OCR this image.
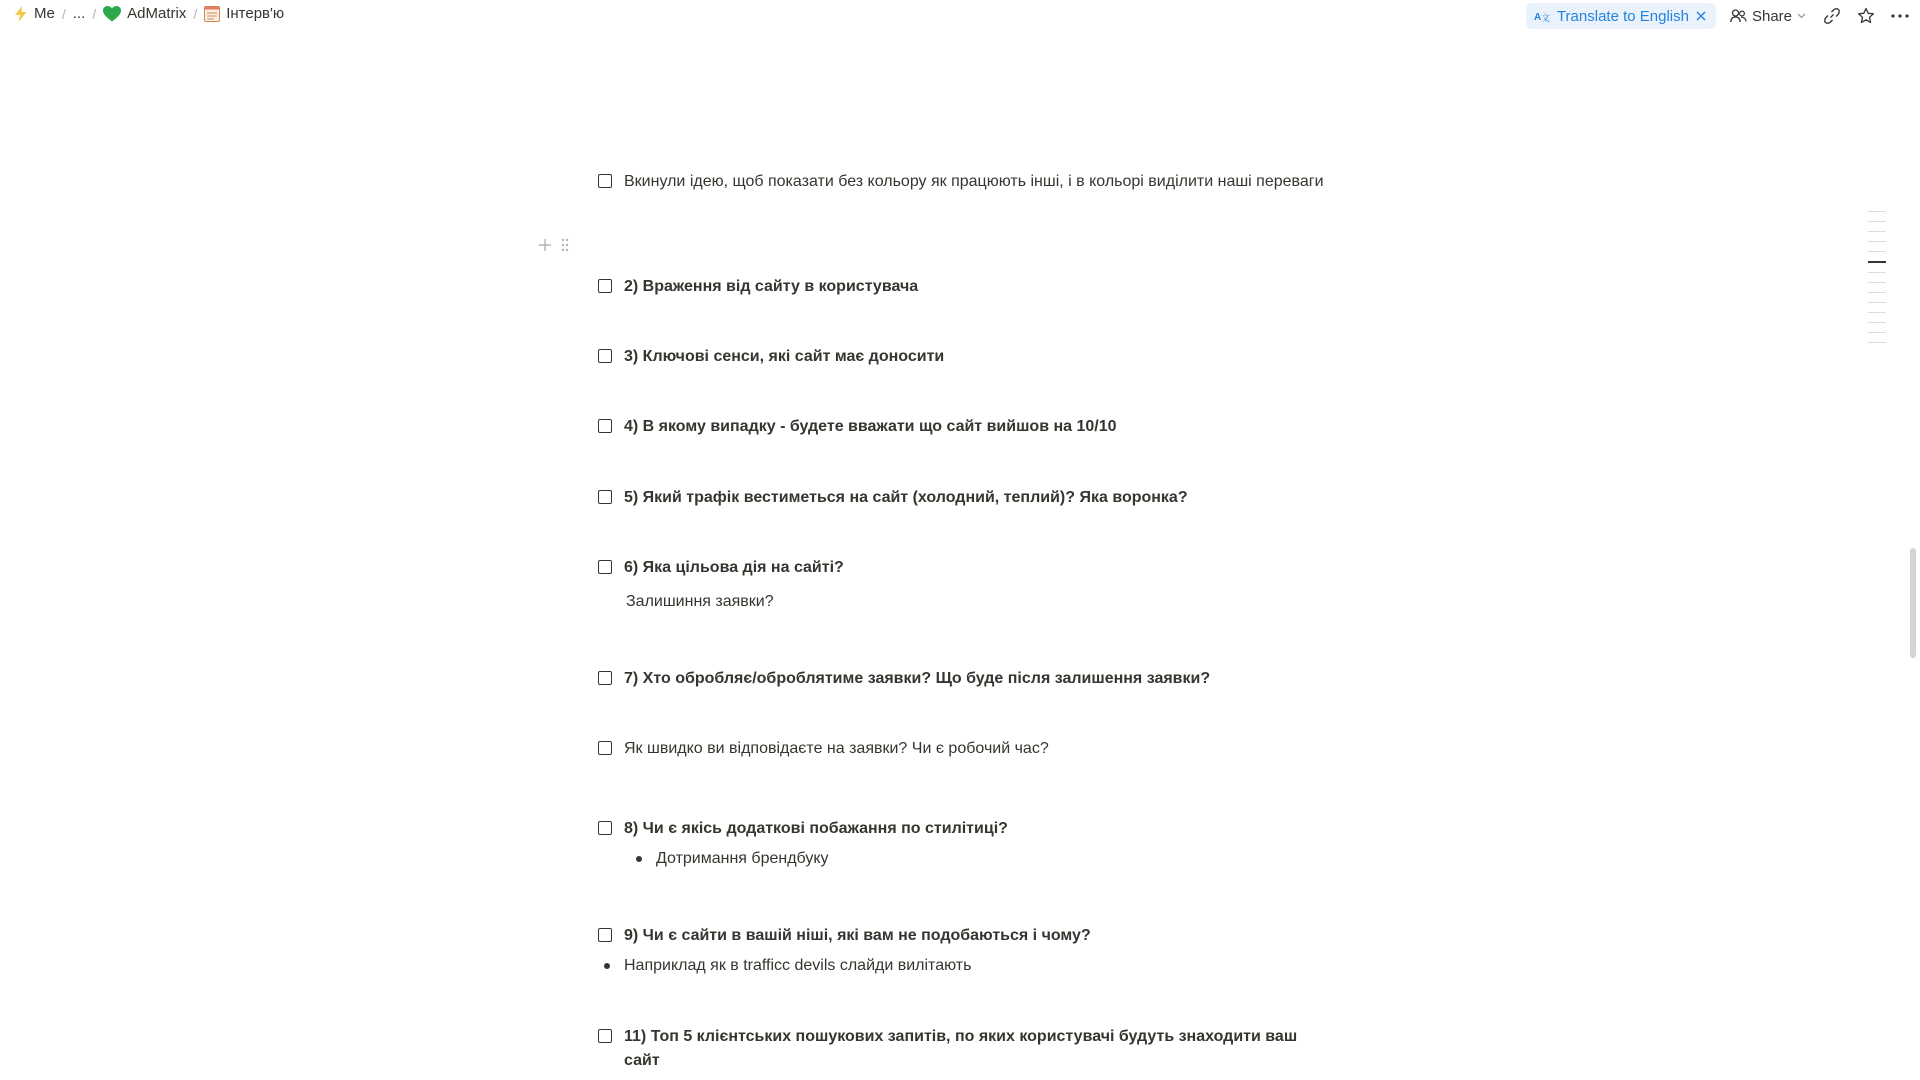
Me / ... / AdMatrix / Інтерв'ю	A 文 Translate to English	Share
Вкинули ідею, щоб показати без кольору як працюють інші, і в кольорі виділити наші переваги
2) Враження від сайту в користувача
3) Ключові сенси, які сайт має доносити
4) В якому випадку - будете вважати що сайт вийшов на 10/10
5) Який трафік вестиметься на сайт (холодний, теплий)? Яка воронка?
6) Яка цільова дія на сайті?
Залишиння заявки?
7) Хто обробляє/оброблятиме заявки? Що буде після залишення заявки?
Як швидко ви відповідаєте на заявки? Чи є робочий час?
8) Чи є якісь додаткові побажання по стилітиці?
Дотримання брендбуку
9) Чи є сайти в вашій ніші, які вам не подобаються і чому?
Наприклад як в trafficc devils слайди вилітають
11) Топ 5 клієнтських пошукових запитів, по яких користувачі будуть знаходити ваш сайт
